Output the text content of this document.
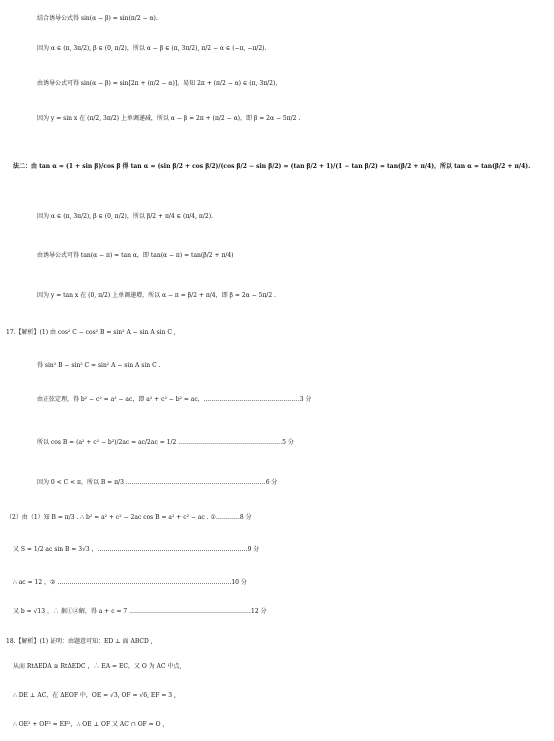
结合诱导公式得 sin(α − β) = sin(π/2 − α).
因为 α ∈ (π, 3π/2), β ∈ (0, π/2)，所以 α − β ∈ (π, 3π/2), π/2 − α ∈ (−π, −π/2).
由诱导公式可得 sin(α − β) = sin[2π + (π/2 − α)]，易知 2π + (π/2 − α) ∈ (π, 3π/2)，
因为 y = sin x 在 (π/2, 3π/2) 上单调递减，所以 α − β = 2π + (π/2 − α)，即 β = 2α − 5π/2 .
法二：由 tan α = (1 + sin β)/cos β 得 tan α = (sin β/2 + cos β/2)/(cos β/2 − sin β/2) = (tan β/2 + 1)/(1 − tan β/2) = tan(β/2 + π/4)，所以 tan α = tan(β/2 + π/4).
因为 α ∈ (π, 3π/2), β ∈ (0, π/2)，所以 β/2 + π/4 ∈ (π/4, π/2).
由诱导公式可得 tan(α − π) = tan α，即 tan(α − π) = tan(β/2 + π/4)
因为 y = tan x 在 (0, π/2) 上单调递增，所以 α − π = β/2 + π/4，即 β = 2α − 5π/2 .
17.【解析】(1) 由 cos² C − cos² B = sin² A − sin A sin C ,
得 sin² B − sin² C = sin² A − sin A sin C .
由正弦定理，得 b² − c² = a² − ac，即 a² + c² − b² = ac，…………………………………………3 分
所以 cos B = (a² + c² − b²)/2ac = ac/2ac = 1/2 .……………………………………………5 分
因为 0 < C < π，所以 B = π/3 .……………………………………………………………6 分
（2）由（1）知 B = π/3 . ∴ b² = a² + c² − 2ac cos B = a² + c² − ac . ①…………8 分
又 S = 1/2 ac sin B = 3√3 ，…………………………………………………………………9 分
∴ ac = 12 ，② ……………………………………………………………………………10 分
又 b = √13 ，∴ 据①②解，得 a + c = 7 .……………………………………………………12 分
18.【解析】(1) 证明：由题意可知：ED ⊥ 面 ABCD ,
从而 RtΔEDA ≅ RtΔEDC ，∴ EA = EC，又 O 为 AC 中点,
∴ DE ⊥ AC，在 ΔEOF 中，OE = √3, OF = √6, EF = 3 ,
∴ OE² + OF² = EF²，∴ OE ⊥ OF 又 AC ∩ OF = O ,
